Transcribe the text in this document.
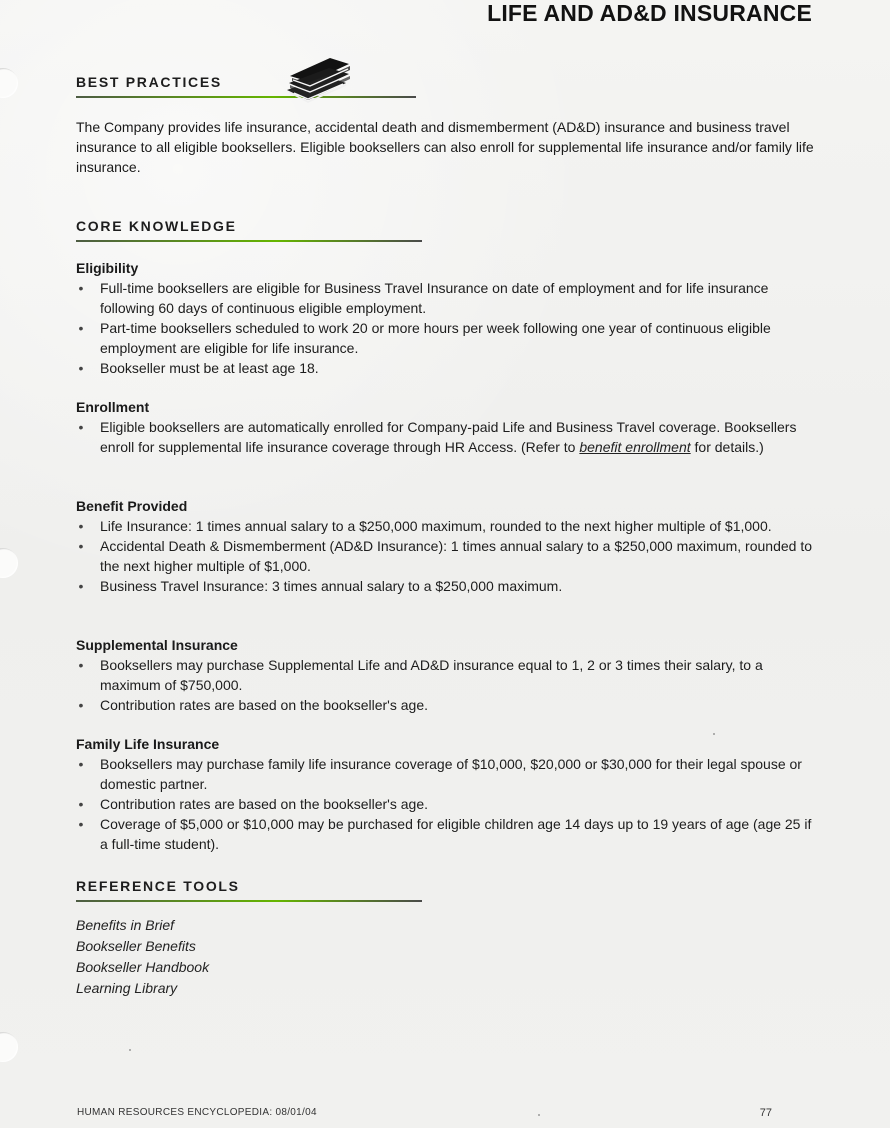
LIFE AND AD&D INSURANCE
BEST PRACTICES

The Company provides life insurance, accidental death and dismemberment (AD&D) insurance and business travel insurance to all eligible booksellers. Eligible booksellers can also enroll for supplemental life insurance and/or family life insurance.

CORE KNOWLEDGE
Eligibility
• Full-time booksellers are eligible for Business Travel Insurance on date of employment and for life insurance following 60 days of continuous eligible employment.
• Part-time booksellers scheduled to work 20 or more hours per week following one year of continuous eligible employment are eligible for life insurance.
• Bookseller must be at least age 18.
Enrollment
• Eligible booksellers are automatically enrolled for Company-paid Life and Business Travel coverage. Booksellers enroll for supplemental life insurance coverage through HR Access. (Refer to benefit enrollment for details.)
Benefit Provided
• Life Insurance: 1 times annual salary to a $250,000 maximum, rounded to the next higher multiple of $1,000.
• Accidental Death & Dismemberment (AD&D Insurance): 1 times annual salary to a $250,000 maximum, rounded to the next higher multiple of $1,000.
• Business Travel Insurance: 3 times annual salary to a $250,000 maximum.
Supplemental Insurance
• Booksellers may purchase Supplemental Life and AD&D insurance equal to 1, 2 or 3 times their salary, to a maximum of $750,000.
• Contribution rates are based on the bookseller's age.
Family Life Insurance
• Booksellers may purchase family life insurance coverage of $10,000, $20,000 or $30,000 for their legal spouse or domestic partner.
• Contribution rates are based on the bookseller's age.
• Coverage of $5,000 or $10,000 may be purchased for eligible children age 14 days up to 19 years of age (age 25 if a full-time student).
REFERENCE TOOLS
Benefits in Brief
Bookseller Benefits
Bookseller Handbook
Learning Library
HUMAN RESOURCES ENCYCLOPEDIA: 08/01/04	77
